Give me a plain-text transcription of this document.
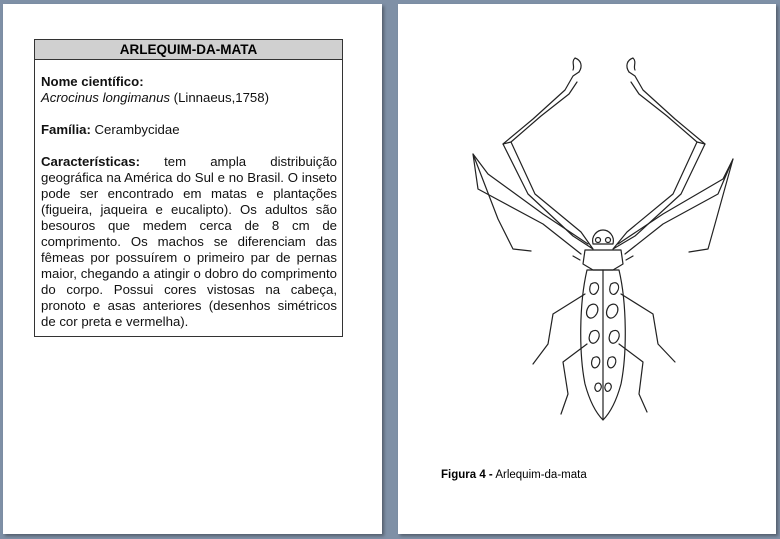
ARLEQUIM-DA-MATA

Nome científico:
Acrocinus longimanus (Linnaeus,1758)

Família: Cerambycidae

Características: tem ampla distribuição geográfica na América do Sul e no Brasil. O inseto pode ser encontrado em matas e plantações (figueira, jaqueira e eucalipto). Os adultos são besouros que medem cerca de 8 cm de comprimento. Os machos se diferenciam das fêmeas por possuírem o primeiro par de pernas maior, chegando a atingir o dobro do comprimento do corpo. Possui cores vistosas na cabeça, pronoto e asas anteriores (desenhos simétricos de cor preta e vermelha).

Figura 4 - Arlequim-da-mata
